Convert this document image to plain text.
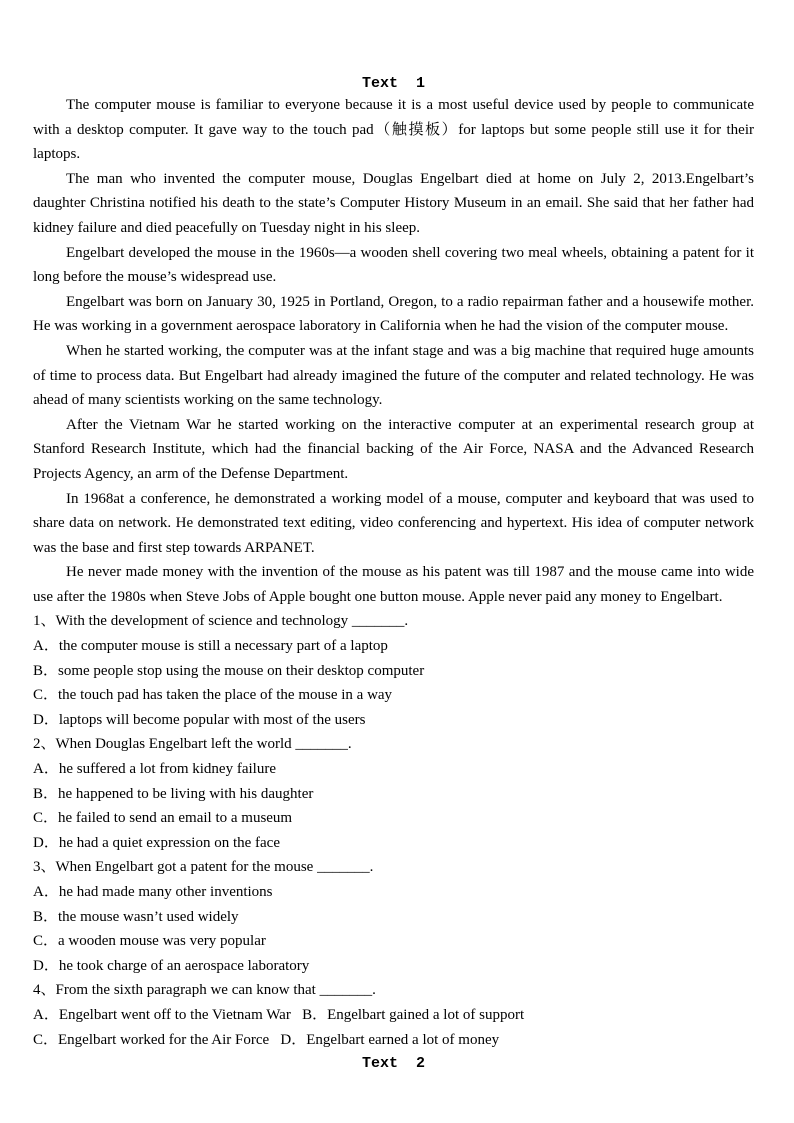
Text  1

The computer mouse is familiar to everyone because it is a most useful device used by people to communicate with a desktop computer. It gave way to the touch pad（触摸板）for laptops but some people still use it for their laptops.

The man who invented the computer mouse, Douglas Engelbart died at home on July 2, 2013.Engelbart’s daughter Christina notified his death to the state’s Computer History Museum in an email. She said that her father had kidney failure and died peacefully on Tuesday night in his sleep.

Engelbart developed the mouse in the 1960s—a wooden shell covering two meal wheels, obtaining a patent for it long before the mouse’s widespread use.

Engelbart was born on January 30, 1925 in Portland, Oregon, to a radio repairman father and a housewife mother. He was working in a government aerospace laboratory in California when he had the vision of the computer mouse.

When he started working, the computer was at the infant stage and was a big machine that required huge amounts of time to process data. But Engelbart had already imagined the future of the computer and related technology. He was ahead of many scientists working on the same technology.

After the Vietnam War he started working on the interactive computer at an experimental research group at Stanford Research Institute, which had the financial backing of the Air Force, NASA and the Advanced Research Projects Agency, an arm of the Defense Department.

In 1968at a conference, he demonstrated a working model of a mouse, computer and keyboard that was used to share data on network. He demonstrated text editing, video conferencing and hypertext. His idea of computer network was the base and first step towards ARPANET.

He never made money with the invention of the mouse as his patent was till 1987 and the mouse came into wide use after the 1980s when Steve Jobs of Apple bought one button mouse. Apple never paid any money to Engelbart.

1、With the development of science and technology _______.
A．the computer mouse is still a necessary part of a laptop
B．some people stop using the mouse on their desktop computer
C．the touch pad has taken the place of the mouse in a way
D．laptops will become popular with most of the users
2、When Douglas Engelbart left the world _______.
A．he suffered a lot from kidney failure
B．he happened to be living with his daughter
C．he failed to send an email to a museum
D．he had a quiet expression on the face
3、When Engelbart got a patent for the mouse _______.
A．he had made many other inventions
B．the mouse wasn’t used widely
C．a wooden mouse was very popular
D．he took charge of an aerospace laboratory
4、From the sixth paragraph we can know that _______.
A．Engelbart went off to the Vietnam War   B．Engelbart gained a lot of support
C．Engelbart worked for the Air Force   D．Engelbart earned a lot of money
Text  2
